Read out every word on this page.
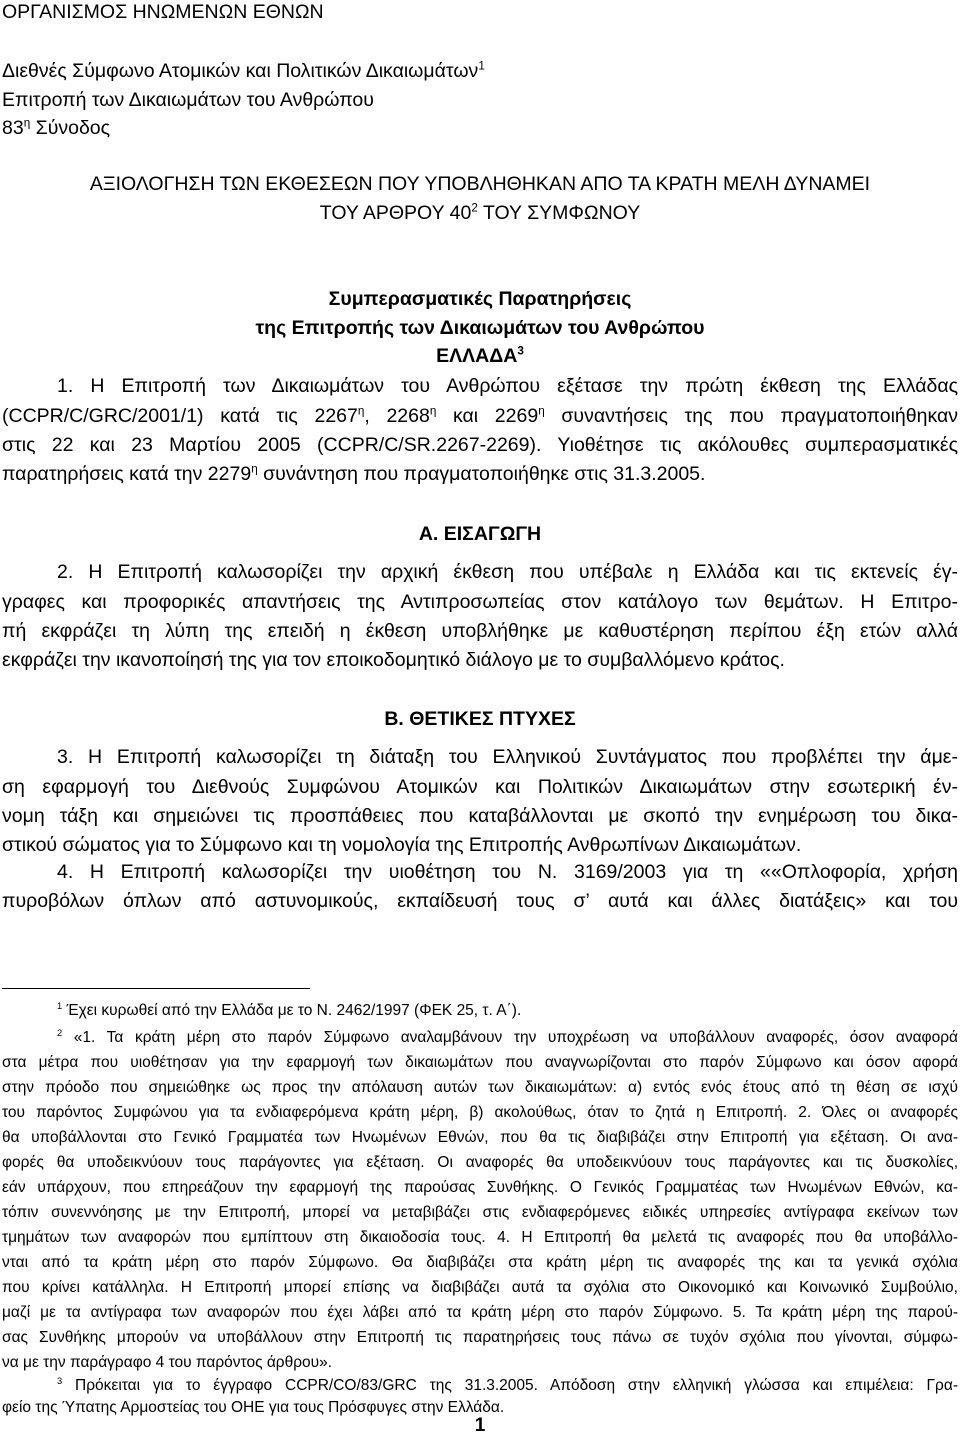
ΟΡΓΑΝΙΣΜΟΣ ΗΝΩΜΕΝΩΝ ΕΘΝΩΝ
Διεθνές Σύμφωνο Ατομικών και Πολιτικών Δικαιωμάτων$^1$
Επιτροπή των Δικαιωμάτων του Ανθρώπου
$83^\eta$ Σύνοδος
ΑΞΙΟΛΟΓΗΣΗ ΤΩΝ ΕΚΘΕΣΕΩΝ ΠΟΥ ΥΠΟΒΛΗΘΗΚΑΝ ΑΠΟ ΤΑ ΚΡΑΤΗ ΜΕΛΗ ΔΥΝΑΜΕΙ
ΤΟΥ ΑΡΘΡΟΥ $40^2$ ΤΟΥ ΣΥΜΦΩΝΟΥ
Συμπερασματικές Παρατηρήσεις
της Επιτροπής των Δικαιωμάτων του Ανθρώπου
ΕΛΛΑΔΑ$^3$
1. Η Επιτροπή των Δικαιωμάτων του Ανθρώπου εξέτασε την πρώτη έκθεση της Ελλάδας
(CCPR/C/GRC/2001/1) κατά τις $2267^\eta$, $2268^\eta$ και $2269^\eta$ συναντήσεις της που πραγματοποιήθηκαν
στις 22 και 23 Μαρτίου 2005 (CCPR/C/SR.2267-2269). Υιοθέτησε τις ακόλουθες συμπερασματικές
παρατηρήσεις κατά την $2279^\eta$ συνάντηση που πραγματοποιήθηκε στις 31.3.2005.
Α. ΕΙΣΑΓΩΓΗ
2. Η Επιτροπή καλωσορίζει την αρχική έκθεση που υπέβαλε η Ελλάδα και τις εκτενείς έγ-
γραφες και προφορικές απαντήσεις της Αντιπροσωπείας στον κατάλογο των θεμάτων. Η Επιτρο-
πή εκφράζει τη λύπη της επειδή η έκθεση υποβλήθηκε με καθυστέρηση περίπου έξη ετών αλλά
εκφράζει την ικανοποίησή της για τον εποικοδομητικό διάλογο με το συμβαλλόμενο κράτος.
Β. ΘΕΤΙΚΕΣ ΠΤΥΧΕΣ
3. Η Επιτροπή καλωσορίζει τη διάταξη του Ελληνικού Συντάγματος που προβλέπει την άμε-
ση εφαρμογή του Διεθνούς Συμφώνου Ατομικών και Πολιτικών Δικαιωμάτων στην εσωτερική έν-
νομη τάξη και σημειώνει τις προσπάθειες που καταβάλλονται με σκοπό την ενημέρωση του δικα-
στικού σώματος για το Σύμφωνο και τη νομολογία της Επιτροπής Ανθρωπίνων Δικαιωμάτων.
4. Η Επιτροπή καλωσορίζει την υιοθέτηση του Ν. 3169/2003 για τη ««Οπλοφορία, χρήση
πυροβόλων όπλων από αστυνομικούς, εκπαίδευσή τους σ’ αυτά και άλλες διατάξεις» και του
$^1$ Έχει κυρωθεί από την Ελλάδα με το Ν. 2462/1997 (ΦΕΚ 25, τ. Α΄).
$^2$ «1. Τα κράτη μέρη στο παρόν Σύμφωνο αναλαμβάνουν την υποχρέωση να υποβάλλουν αναφορές, όσον αναφορά
στα μέτρα που υιοθέτησαν για την εφαρμογή των δικαιωμάτων που αναγνωρίζονται στο παρόν Σύμφωνο και όσον αφορά
στην πρόοδο που σημειώθηκε ως προς την απόλαυση αυτών των δικαιωμάτων: α) εντός ενός έτους από τη θέση σε ισχύ
του παρόντος Συμφώνου για τα ενδιαφερόμενα κράτη μέρη, β) ακολούθως, όταν το ζητά η Επιτροπή. 2. Όλες οι αναφορές
θα υποβάλλονται στο Γενικό Γραμματέα των Ηνωμένων Εθνών, που θα τις διαβιβάζει στην Επιτροπή για εξέταση. Οι ανα-
φορές θα υποδεικνύουν τους παράγοντες για εξέταση. Οι αναφορές θα υποδεικνύουν τους παράγοντες και τις δυσκολίες,
εάν υπάρχουν, που επηρεάζουν την εφαρμογή της παρούσας Συνθήκης. Ο Γενικός Γραμματέας των Ηνωμένων Εθνών, κα-
τόπιν συνεννόησης με την Επιτροπή, μπορεί να μεταβιβάζει στις ενδιαφερόμενες ειδικές υπηρεσίες αντίγραφα εκείνων των
τμημάτων των αναφορών που εμπίπτουν στη δικαιοδοσία τους. 4. Η Επιτροπή θα μελετά τις αναφορές που θα υποβάλλο-
νται από τα κράτη μέρη στο παρόν Σύμφωνο. Θα διαβιβάζει στα κράτη μέρη τις αναφορές της και τα γενικά σχόλια
που κρίνει κατάλληλα. Η Επιτροπή μπορεί επίσης να διαβιβάζει αυτά τα σχόλια στο Οικονομικό και Κοινωνικό Συμβούλιο,
μαζί με τα αντίγραφα των αναφορών που έχει λάβει από τα κράτη μέρη στο παρόν Σύμφωνο. 5. Τα κράτη μέρη της παρού-
σας Συνθήκης μπορούν να υποβάλλουν στην Επιτροπή τις παρατηρήσεις τους πάνω σε τυχόν σχόλια που γίνονται, σύμφω-
να με την παράγραφο 4 του παρόντος άρθρου».
$^3$ Πρόκειται για το έγγραφο CCPR/CO/83/GRC της 31.3.2005. Απόδοση στην ελληνική γλώσσα και επιμέλεια: Γρα-
φείο της Ύπατης Αρμοστείας του ΟΗΕ για τους Πρόσφυγες στην Ελλάδα.
1
